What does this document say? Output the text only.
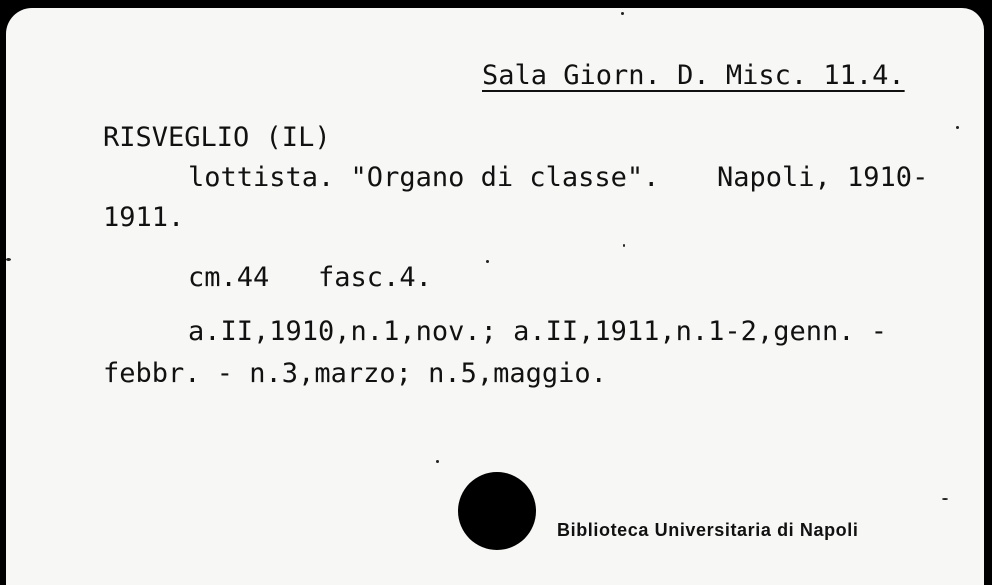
Sala Giorn. D. Misc. 11.4.
RISVEGLIO (IL)
lottista. "Organo di classe". Napoli, 1910-
1911.
cm.44   fasc.4.
a.II,1910,n.1,nov.; a.II,1911,n.1-2,genn. -
febbr. - n.3,marzo; n.5,maggio.
Biblioteca Universitaria di Napoli
